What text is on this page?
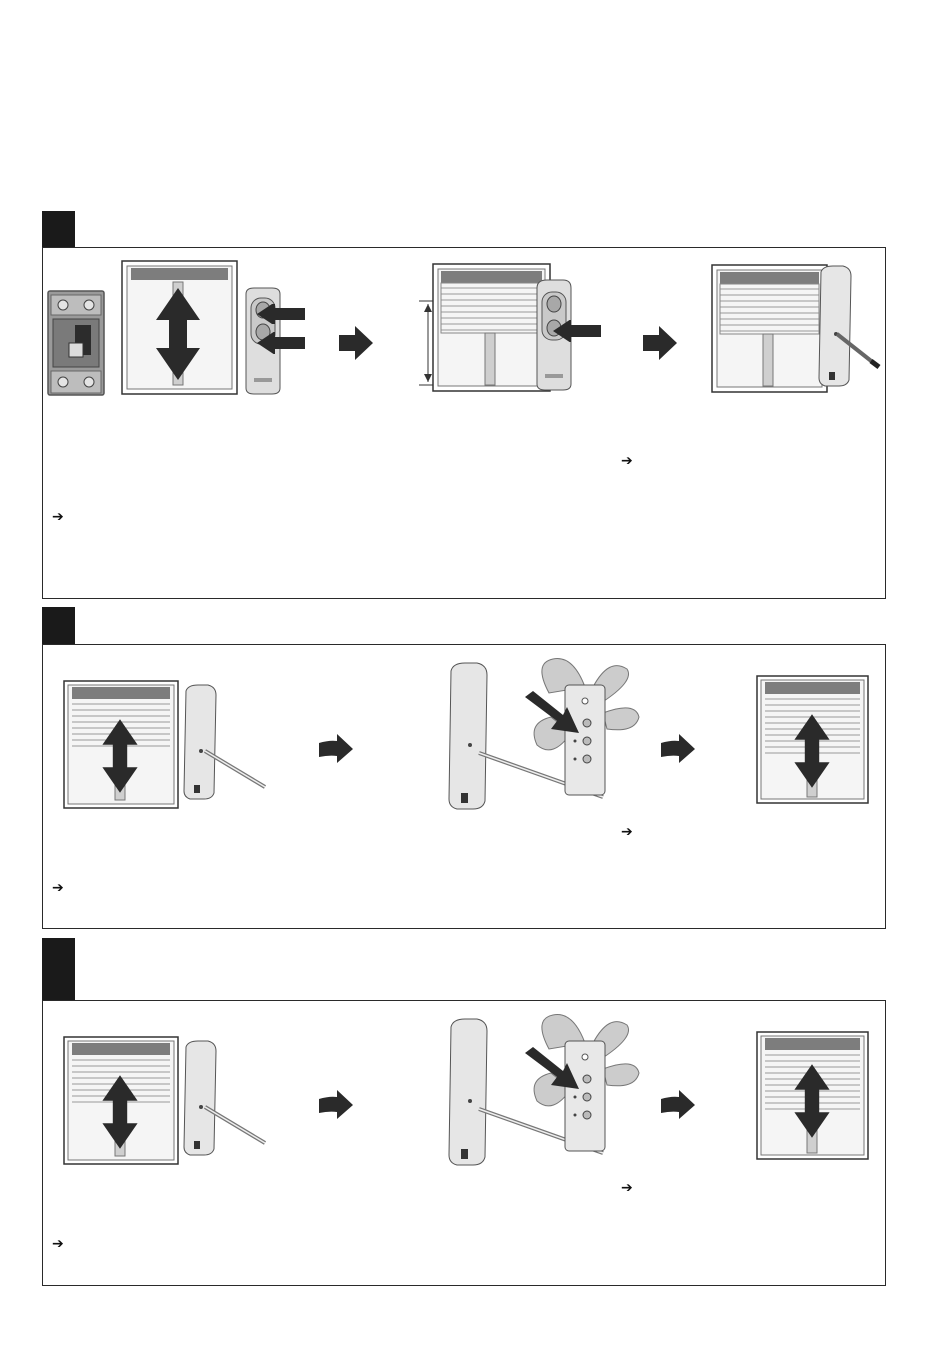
➔
➔
➔
➔
➔
➔
